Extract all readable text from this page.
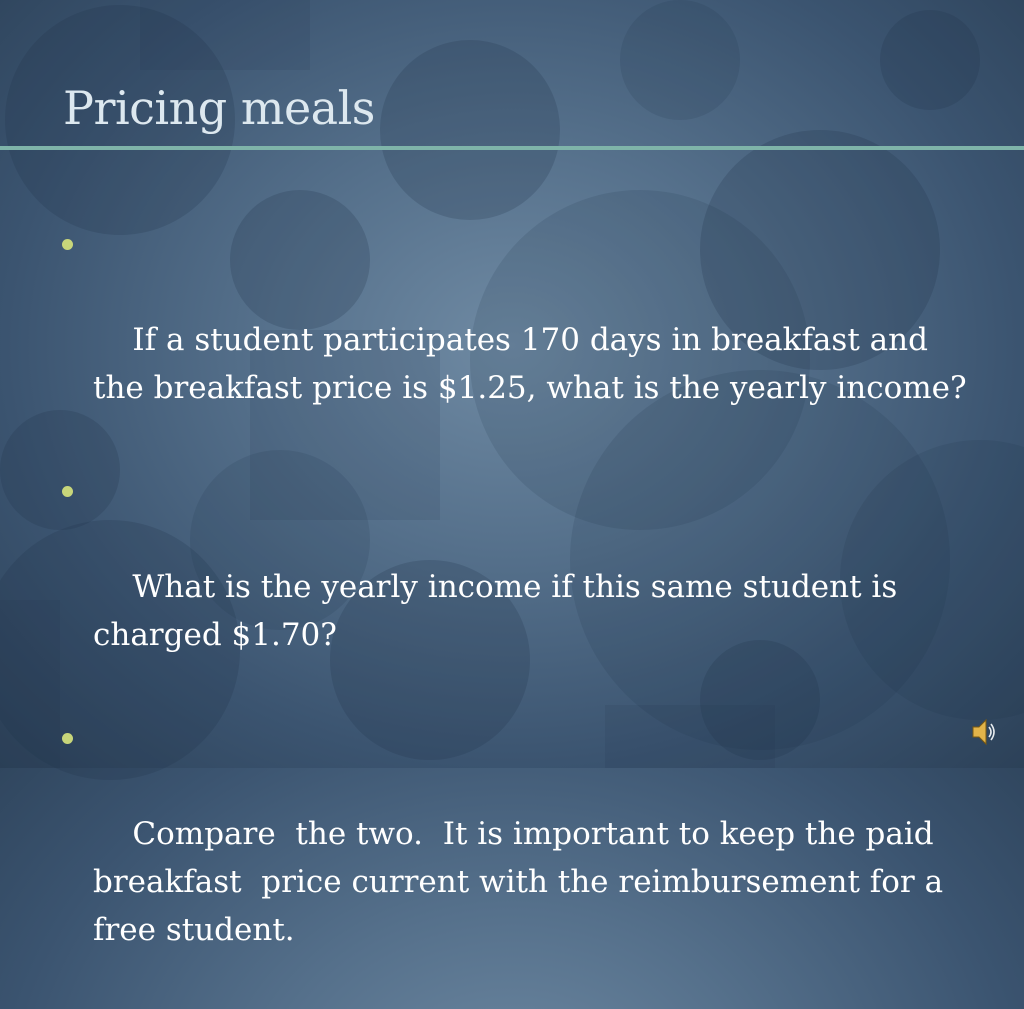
Pricing meals

If a student participates 170 days in breakfast and the breakfast price is $1.25, what is the yearly income?

What is the yearly income if this same student is charged $1.70?

Compare  the two.  It is important to keep the paid breakfast  price current with the reimbursement for a free student.
